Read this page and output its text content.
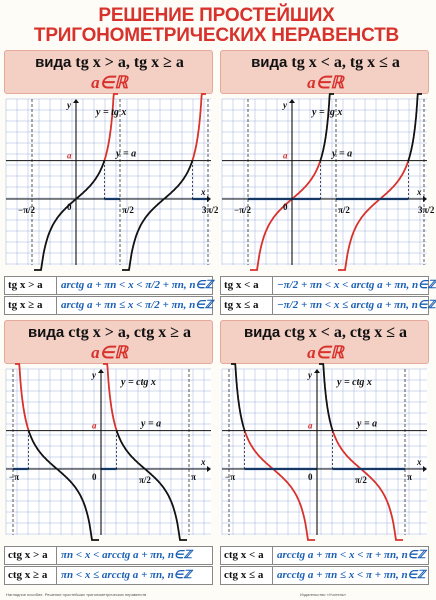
РЕШЕНИЕ ПРОСТЕЙШИХ
ТРИГОНОМЕТРИЧЕСКИХ НЕРАВЕНСТВ
вида tg x > a, tg x ≥ a
a∈ℝ
−π/2	0	π/2	3π/2
x
y
a
y = tg x
y = a
tg x > a arctg a + πn < x < π/2 + πn, n∈ℤ
tg x ≥ a arctg a + πn ≤ x < π/2 + πn, n∈ℤ
вида tg x < a, tg x ≤ a
a∈ℝ
−π/2	0	π/2	3π/2
x
y
a
y = tg x
y = a
tg x < a −π/2 + πn < x < arctg a + πn, n∈ℤ
tg x ≤ a −π/2 + πn < x ≤ arctg a + πn, n∈ℤ
вида ctg x > a, ctg x ≥ a
a∈ℝ
−π	0	π/2	π
x
y
a
y = ctg x
y = a
ctg x > a πn < x < arcctg a + πn, n∈ℤ
ctg x ≥ a πn < x ≤ arcctg a + πn, n∈ℤ
вида ctg x < a, ctg x ≤ a
a∈ℝ
−π	0	π/2	π
x
y
a
y = ctg x
y = a
ctg x < a arcctg a + πn < x < π + πn, n∈ℤ
ctg x ≤ a arcctg a + πn ≤ x < π + πn, n∈ℤ
Наглядное пособие. Решение простейших тригонометрических неравенств	Издательство «Учитель»
